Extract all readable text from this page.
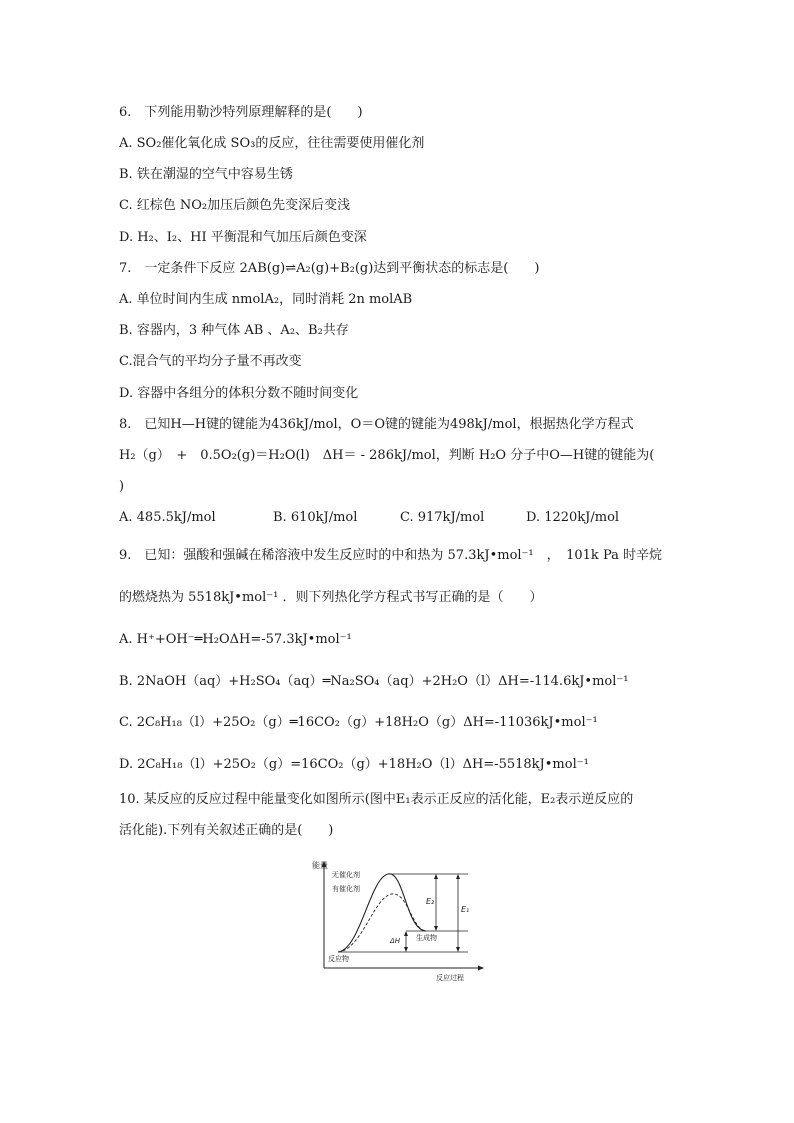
6.　下列能用勒沙特列原理解释的是(　　)
A. SO₂催化氧化成 SO₃的反应，往往需要使用催化剂
B. 铁在潮湿的空气中容易生锈
C. 红棕色 NO₂加压后颜色先变深后变浅
D. H₂、I₂、HI 平衡混和气加压后颜色变深
7.　一定条件下反应 2AB(g)⇌A₂(g)+B₂(g)达到平衡状态的标志是(　　)
A. 单位时间内生成 nmolA₂，同时消耗 2n molAB
B. 容器内，3 种气体 AB 、A₂、B₂共存
C.混合气的平均分子量不再改变
D. 容器中各组分的体积分数不随时间变化
8.　已知H—H键的键能为436kJ/mol，O＝O键的键能为498kJ/mol，根据热化学方程式
H₂（g）　+　0.5O₂(g)＝H₂O(l)　ΔH＝ - 286kJ/mol，判断 H₂O 分子中O—H键的键能为(
)
A. 485.5kJ/mol	B. 610kJ/mol	C. 917kJ/mol	D. 1220kJ/mol
9.　已知：强酸和强碱在稀溶液中发生反应时的中和热为 57.3kJ•mol⁻¹　，　101k Pa 时辛烷
的燃烧热为 5518kJ•mol⁻¹ ．则下列热化学方程式书写正确的是（　　）
A. H⁺+OH⁻═H₂OΔH=-57.3kJ•mol⁻¹
B. 2NaOH（aq）+H₂SO₄（aq）═Na₂SO₄（aq）+2H₂O（l）ΔH=-114.6kJ•mol⁻¹
C. 2C₈H₁₈（l）+25O₂（g）═16CO₂（g）+18H₂O（g）ΔH=-11036kJ•mol⁻¹
D. 2C₈H₁₈（l）+25O₂（g）=16CO₂（g）+18H₂O（l）ΔH=-5518kJ•mol⁻¹
10. 某反应的反应过程中能量变化如图所示(图中E₁表示正反应的活化能，E₂表示逆反应的
活化能).下列有关叙述正确的是(　　)
能量
E₂
E₁
ΔH
无催化剂
有催化剂
生成物
反应物
反应过程
